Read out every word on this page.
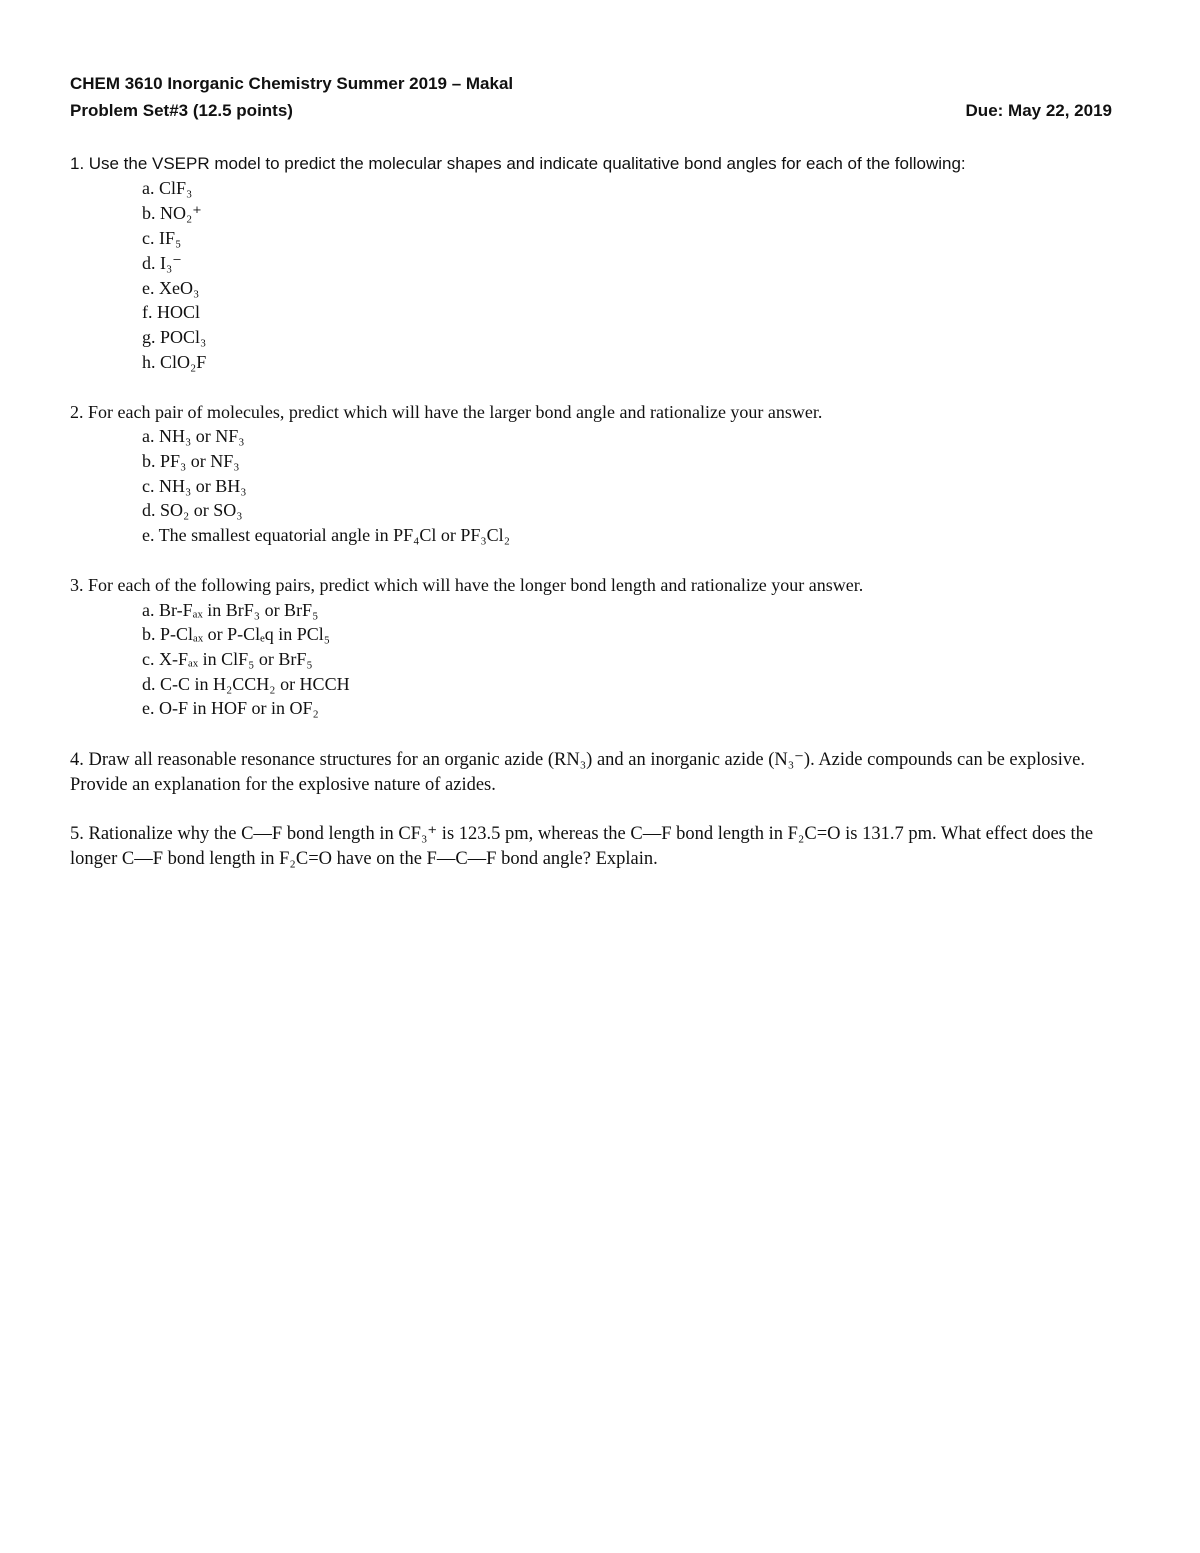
CHEM 3610 Inorganic Chemistry Summer 2019 – Makal
Problem Set#3 (12.5 points)	Due: May 22, 2019
1. Use the VSEPR model to predict the molecular shapes and indicate qualitative bond angles for each of the following:
a. ClF₃
b. NO₂⁺
c. IF₅
d. I₃⁻
e. XeO₃
f. HOCl
g. POCl₃
h. ClO₂F
2. For each pair of molecules, predict which will have the larger bond angle and rationalize your answer.
a. NH₃ or NF₃
b. PF₃ or NF₃
c. NH₃ or BH₃
d. SO₂ or SO₃
e. The smallest equatorial angle in PF₄Cl or PF₃Cl₂
3. For each of the following pairs, predict which will have the longer bond length and rationalize your answer.
a. Br-Fₐₓ in BrF₃ or BrF₅
b. P-Clₐₓ or P-Clₑq in PCl₅
c. X-Fₐₓ in ClF₅ or BrF₅
d. C-C in H₂CCH₂ or HCCH
e. O-F in HOF or in OF₂
4. Draw all reasonable resonance structures for an organic azide (RN₃) and an inorganic azide (N₃⁻). Azide compounds can be explosive. Provide an explanation for the explosive nature of azides.
5. Rationalize why the C—F bond length in CF₃⁺ is 123.5 pm, whereas the C—F bond length in F₂C=O is 131.7 pm. What effect does the longer C—F bond length in F₂C=O have on the F—C—F bond angle? Explain.
